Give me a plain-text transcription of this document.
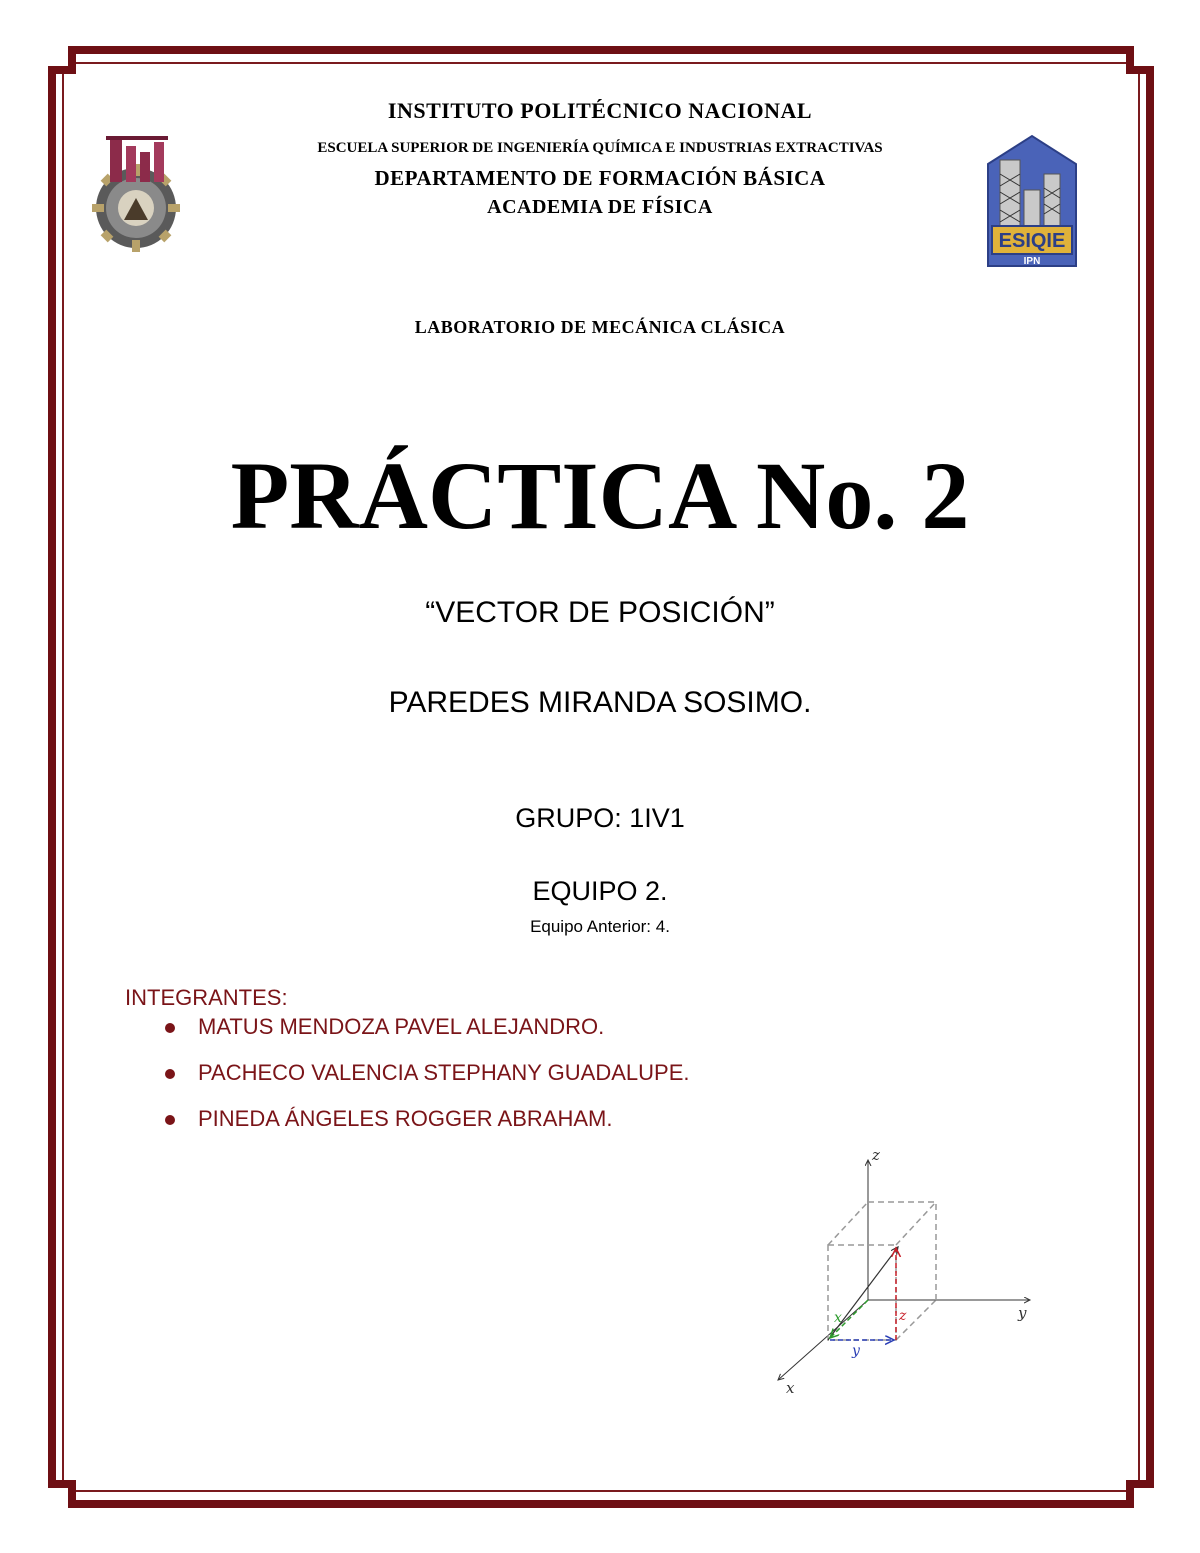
ESIQIE
IPN
INSTITUTO POLITÉCNICO NACIONAL
ESCUELA SUPERIOR DE INGENIERÍA QUÍMICA E INDUSTRIAS EXTRACTIVAS
DEPARTAMENTO DE FORMACIÓN BÁSICA
ACADEMIA DE FÍSICA
LABORATORIO DE MECÁNICA CLÁSICA
PRÁCTICA No. 2
“VECTOR DE POSICIÓN”
PAREDES MIRANDA SOSIMO.
GRUPO: 1IV1
EQUIPO 2.
Equipo Anterior: 4.
INTEGRANTES:
MATUS MENDOZA PAVEL ALEJANDRO.
PACHECO VALENCIA STEPHANY GUADALUPE.
PINEDA ÁNGELES ROGGER ABRAHAM.
z
y
x
x
y
z
